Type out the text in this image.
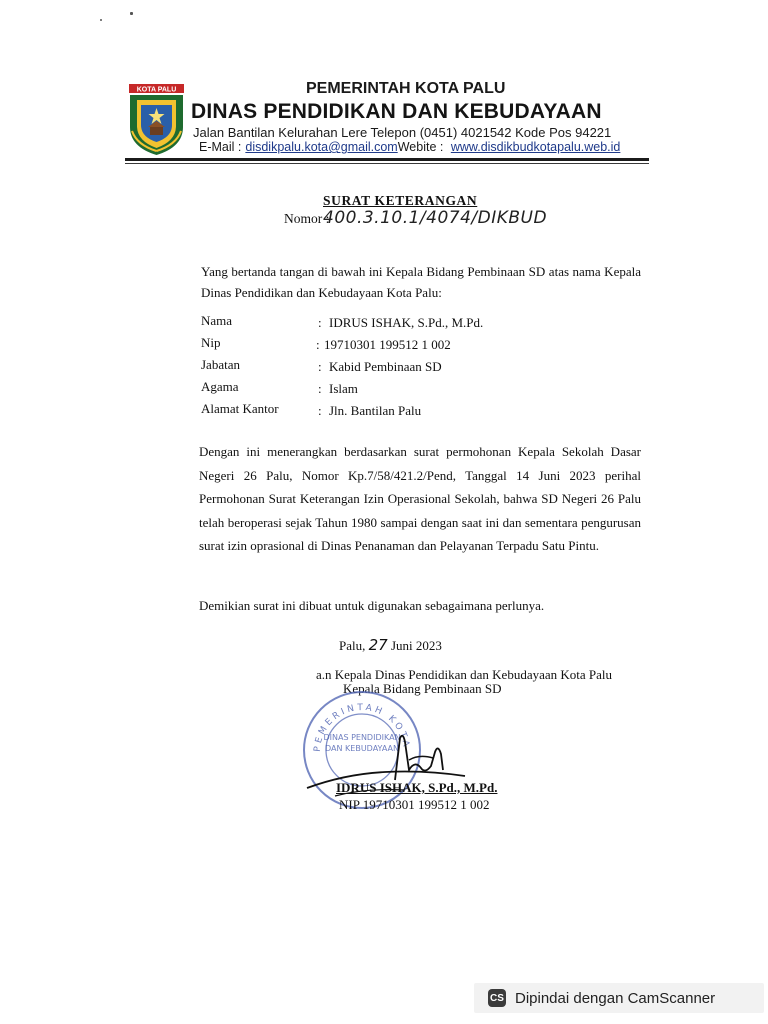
KOTA PALU	PEMERINTAH KOTA PALU
DINAS PENDIDIKAN DAN KEBUDAYAAN
Jalan Bantilan Kelurahan Lere Telepon (0451) 4021542 Kode Pos 94221
E-Mail : disdikpalu.kota@gmail.comWebite : www.disdikbudkotapalu.web.id
SURAT KETERANGAN
Nomor :
400.3.10.1/4074/DIKBUD
Yang bertanda tangan di bawah ini Kepala Bidang Pembinaan SD atas nama Kepala Dinas Pendidikan dan Kebudayaan Kota Palu:
Nama	: IDRUS ISHAK, S.Pd., M.Pd.
Nip	: 19710301 199512 1 002
Jabatan	: Kabid Pembinaan SD
Agama	: Islam
Alamat Kantor	: Jln. Bantilan Palu
Dengan ini menerangkan berdasarkan surat permohonan Kepala Sekolah Dasar Negeri 26 Palu, Nomor Kp.7/58/421.2/Pend, Tanggal 14 Juni 2023 perihal Permohonan Surat Keterangan Izin Operasional Sekolah, bahwa SD Negeri 26 Palu telah beroperasi sejak Tahun 1980 sampai dengan saat ini dan sementara pengurusan surat izin oprasional di Dinas Penanaman dan Pelayanan Terpadu Satu Pintu.
Demikian surat ini dibuat untuk digunakan sebagaimana perlunya.
Palu, 27 Juni 2023
a.n Kepala Dinas Pendidikan dan Kebudayaan Kota Palu
Kepala Bidang Pembinaan SD
PEMERINTAH KOTA
DINAS PENDIDIKAN
DAN KEBUDAYAAN
IDRUS ISHAK, S.Pd., M.Pd.
NIP 19710301 199512 1 002
CS Dipindai dengan CamScanner
